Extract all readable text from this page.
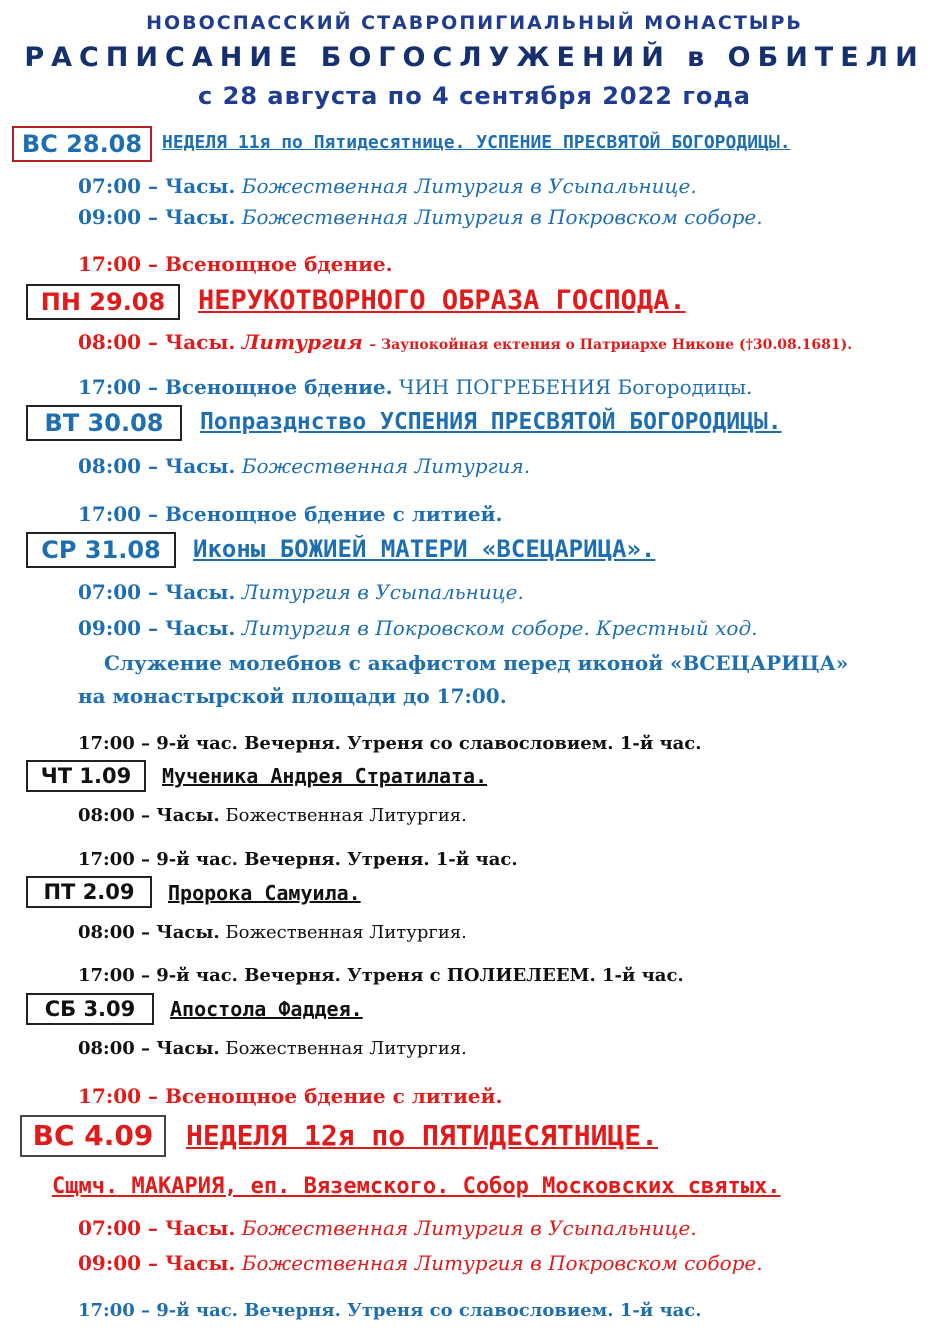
НОВОСПАССКИЙ СТАВРОПИГИАЛЬНЫЙ МОНАСТЫРЬ
РАСПИСАНИЕ БОГОСЛУЖЕНИЙ в ОБИТЕЛИ
с 28 августа по 4 сентября 2022 года
ВС 28.08	НЕДЕЛЯ 11я по Пятидесятнице. УСПЕНИЕ ПРЕСВЯТОЙ БОГОРОДИЦЫ.
07:00 – Часы. Божественная Литургия в Усыпальнице.
09:00 – Часы. Божественная Литургия в Покровском соборе.
17:00 – Всенощное бдение.
ПН 29.08	НЕРУКОТВОРНОГО ОБРАЗА ГОСПОДА.
08:00 – Часы. Литургия – Заупокойная ектения о Патриархе Никоне (†30.08.1681).
17:00 – Всенощное бдение. ЧИН ПОГРЕБЕНИЯ Богородицы.
ВТ 30.08	Попразднство УСПЕНИЯ ПРЕСВЯТОЙ БОГОРОДИЦЫ.
08:00 – Часы. Божественная Литургия.
17:00 – Всенощное бдение с литией.
СР 31.08	Иконы БОЖИЕЙ МАТЕРИ «ВСЕЦАРИЦА».
07:00 – Часы. Литургия в Усыпальнице.
09:00 – Часы. Литургия в Покровском соборе. Крестный ход.
Служение молебнов с акафистом перед иконой «ВСЕЦАРИЦА»
на монастырской площади до 17:00.
17:00 – 9-й час. Вечерня. Утреня со славословием. 1-й час.
ЧТ 1.09	Мученика Андрея Стратилата.
08:00 – Часы. Божественная Литургия.
17:00 – 9-й час. Вечерня. Утреня. 1-й час.
ПТ 2.09	Пророка Самуила.
08:00 – Часы. Божественная Литургия.
17:00 – 9-й час. Вечерня. Утреня с ПОЛИЕЛЕЕМ. 1-й час.
СБ 3.09	Апостола Фаддея.
08:00 – Часы. Божественная Литургия.
17:00 – Всенощное бдение с литией.
ВС 4.09	НЕДЕЛЯ 12я по ПЯТИДЕСЯТНИЦЕ.
Сщмч. МАКАРИЯ, еп. Вяземского. Собор Московских святых.
07:00 – Часы. Божественная Литургия в Усыпальнице.
09:00 – Часы. Божественная Литургия в Покровском соборе.
17:00 – 9-й час. Вечерня. Утреня со славословием. 1-й час.
